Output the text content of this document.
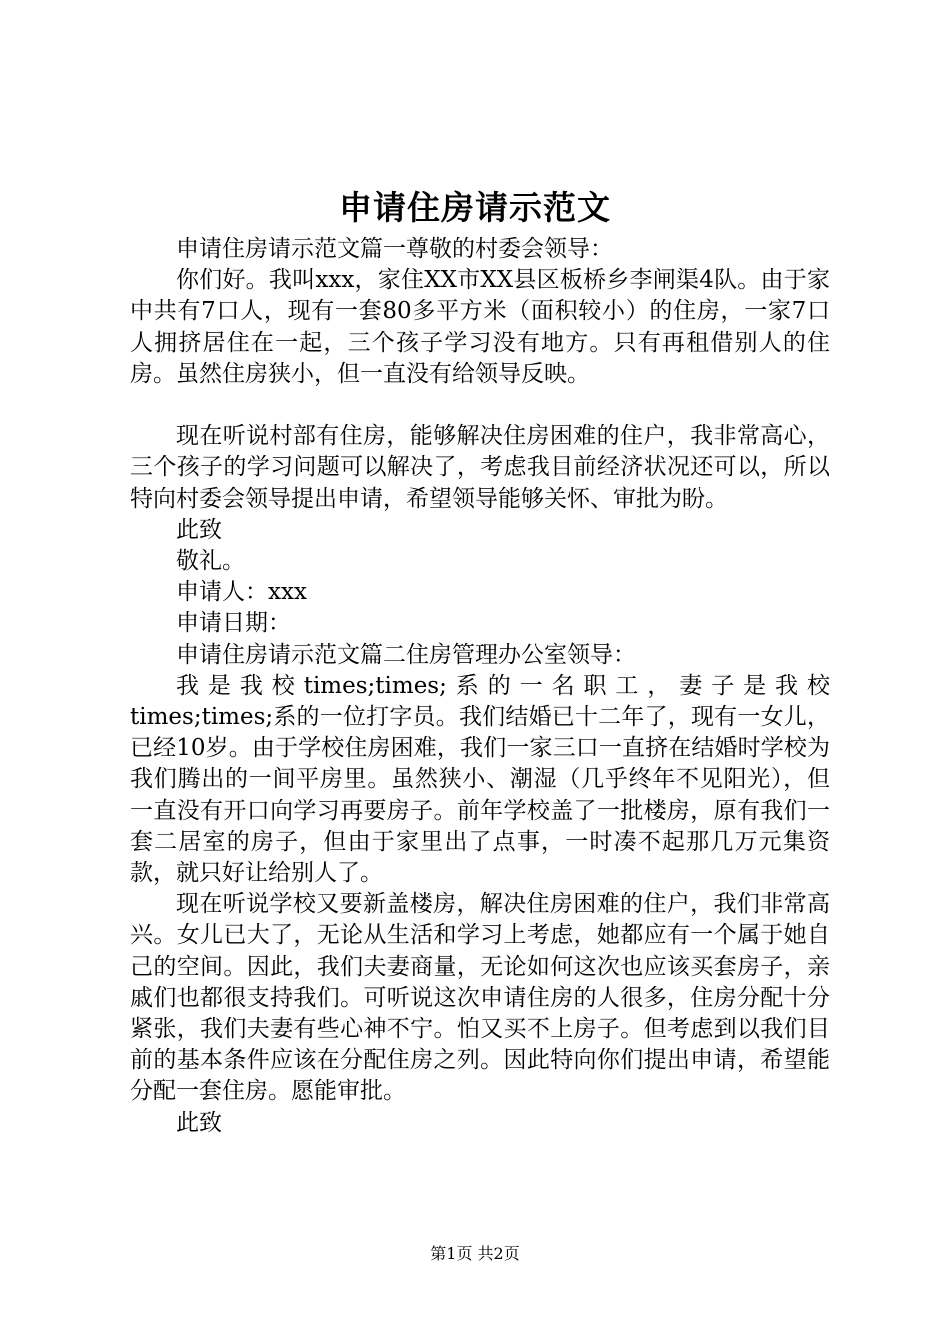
申请住房请示范文

申请住房请示范文篇一尊敬的村委会领导：

你们好。我叫xxx，家住XX市XX县区板桥乡李闸渠4队。由于家中共有7口人，现有一套80多平方米（面积较小）的住房，一家7口人拥挤居住在一起，三个孩子学习没有地方。只有再租借别人的住房。虽然住房狭小，但一直没有给领导反映。

现在听说村部有住房，能够解决住房困难的住户，我非常高心，三个孩子的学习问题可以解决了，考虑我目前经济状况还可以，所以特向村委会领导提出申请，希望领导能够关怀、审批为盼。

此致

敬礼。

申请人：xxx

申请日期：

申请住房请示范文篇二住房管理办公室领导：

我是我校times;times;系的一名职工，妻子是我校times;times;系的一位打字员。我们结婚已十二年了，现有一女儿，已经10岁。由于学校住房困难，我们一家三口一直挤在结婚时学校为我们腾出的一间平房里。虽然狭小、潮湿（几乎终年不见阳光），但一直没有开口向学习再要房子。前年学校盖了一批楼房，原有我们一套二居室的房子，但由于家里出了点事，一时凑不起那几万元集资款，就只好让给别人了。

现在听说学校又要新盖楼房，解决住房困难的住户，我们非常高兴。女儿已大了，无论从生活和学习上考虑，她都应有一个属于她自己的空间。因此，我们夫妻商量，无论如何这次也应该买套房子，亲戚们也都很支持我们。可听说这次申请住房的人很多，住房分配十分紧张，我们夫妻有些心神不宁。怕又买不上房子。但考虑到以我们目前的基本条件应该在分配住房之列。因此特向你们提出申请，希望能分配一套住房。愿能审批。

此致

第1页 共2页
